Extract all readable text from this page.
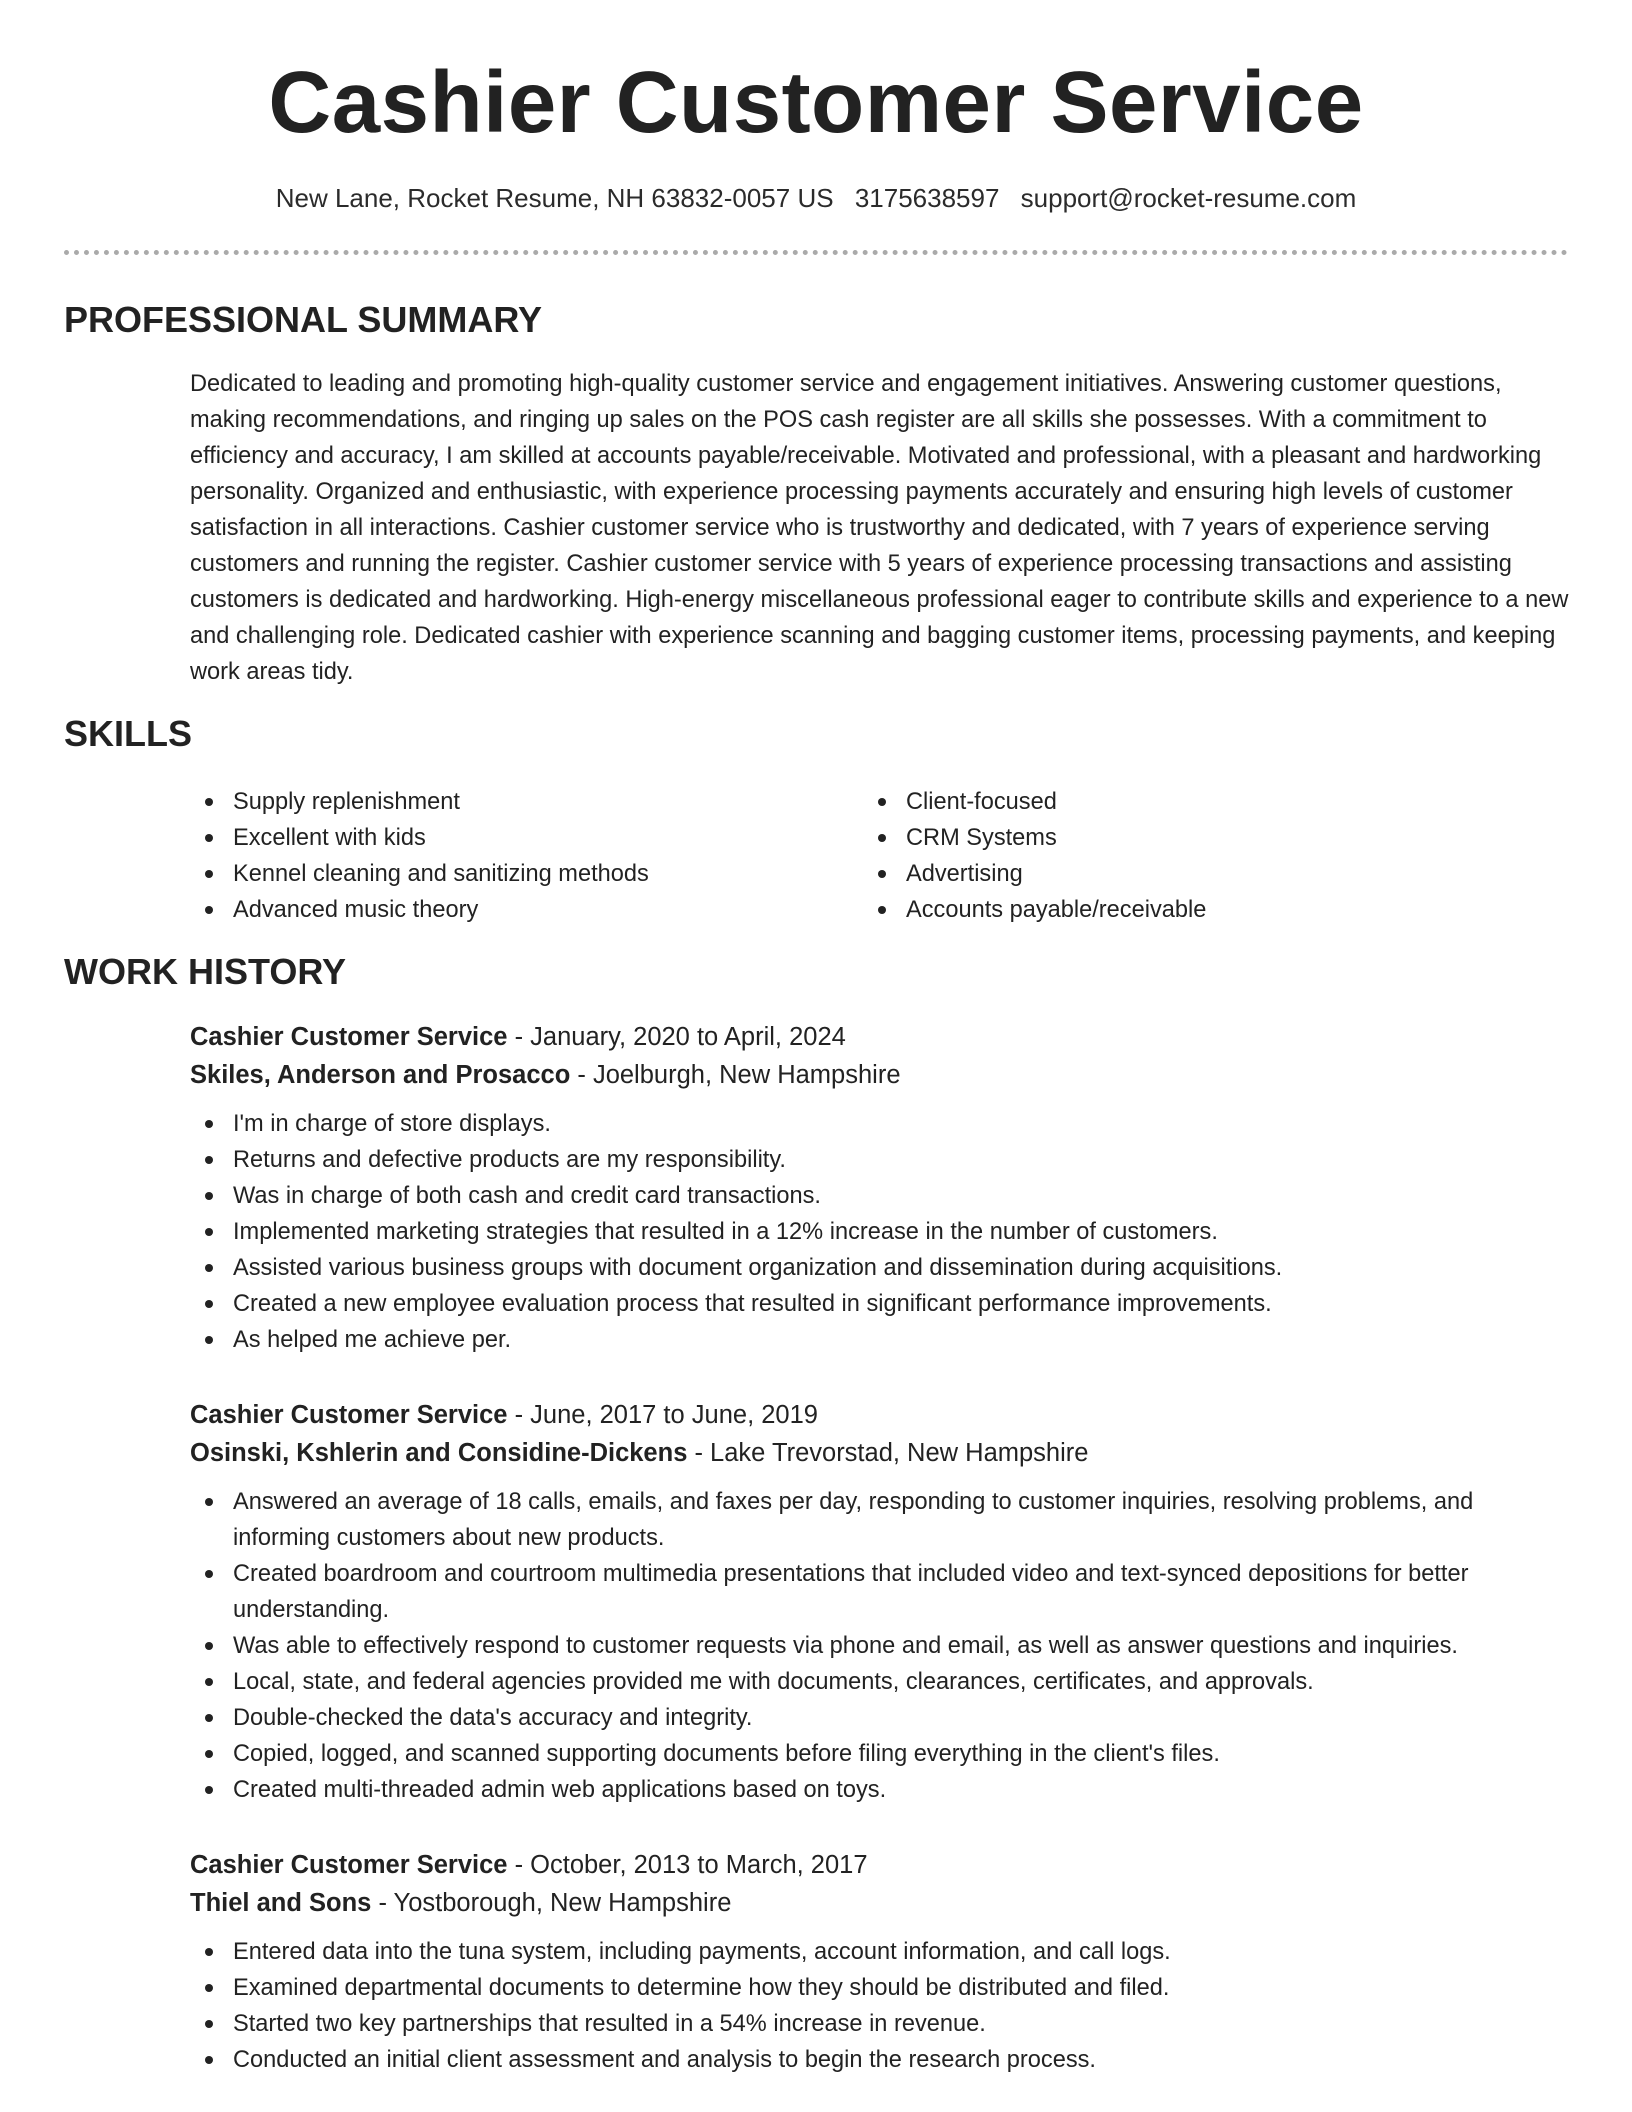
Cashier Customer Service
New Lane, Rocket Resume, NH 63832-0057 US 3175638597 support@rocket-resume.com
PROFESSIONAL SUMMARY
Dedicated to leading and promoting high-quality customer service and engagement initiatives. Answering customer questions, making recommendations, and ringing up sales on the POS cash register are all skills she possesses. With a commitment to efficiency and accuracy, I am skilled at accounts payable/receivable. Motivated and professional, with a pleasant and hardworking personality. Organized and enthusiastic, with experience processing payments accurately and ensuring high levels of customer satisfaction in all interactions. Cashier customer service who is trustworthy and dedicated, with 7 years of experience serving customers and running the register. Cashier customer service with 5 years of experience processing transactions and assisting customers is dedicated and hardworking. High-energy miscellaneous professional eager to contribute skills and experience to a new and challenging role. Dedicated cashier with experience scanning and bagging customer items, processing payments, and keeping work areas tidy.
SKILLS
Supply replenishment
Excellent with kids
Kennel cleaning and sanitizing methods
Advanced music theory
Client-focused
CRM Systems
Advertising
Accounts payable/receivable
WORK HISTORY
Cashier Customer Service - January, 2020 to April, 2024
Skiles, Anderson and Prosacco - Joelburgh, New Hampshire
I'm in charge of store displays.
Returns and defective products are my responsibility.
Was in charge of both cash and credit card transactions.
Implemented marketing strategies that resulted in a 12% increase in the number of customers.
Assisted various business groups with document organization and dissemination during acquisitions.
Created a new employee evaluation process that resulted in significant performance improvements.
As helped me achieve per.
Cashier Customer Service - June, 2017 to June, 2019
Osinski, Kshlerin and Considine-Dickens - Lake Trevorstad, New Hampshire
Answered an average of 18 calls, emails, and faxes per day, responding to customer inquiries, resolving problems, and informing customers about new products.
Created boardroom and courtroom multimedia presentations that included video and text-synced depositions for better understanding.
Was able to effectively respond to customer requests via phone and email, as well as answer questions and inquiries.
Local, state, and federal agencies provided me with documents, clearances, certificates, and approvals.
Double-checked the data's accuracy and integrity.
Copied, logged, and scanned supporting documents before filing everything in the client's files.
Created multi-threaded admin web applications based on toys.
Cashier Customer Service - October, 2013 to March, 2017
Thiel and Sons - Yostborough, New Hampshire
Entered data into the tuna system, including payments, account information, and call logs.
Examined departmental documents to determine how they should be distributed and filed.
Started two key partnerships that resulted in a 54% increase in revenue.
Conducted an initial client assessment and analysis to begin the research process.
